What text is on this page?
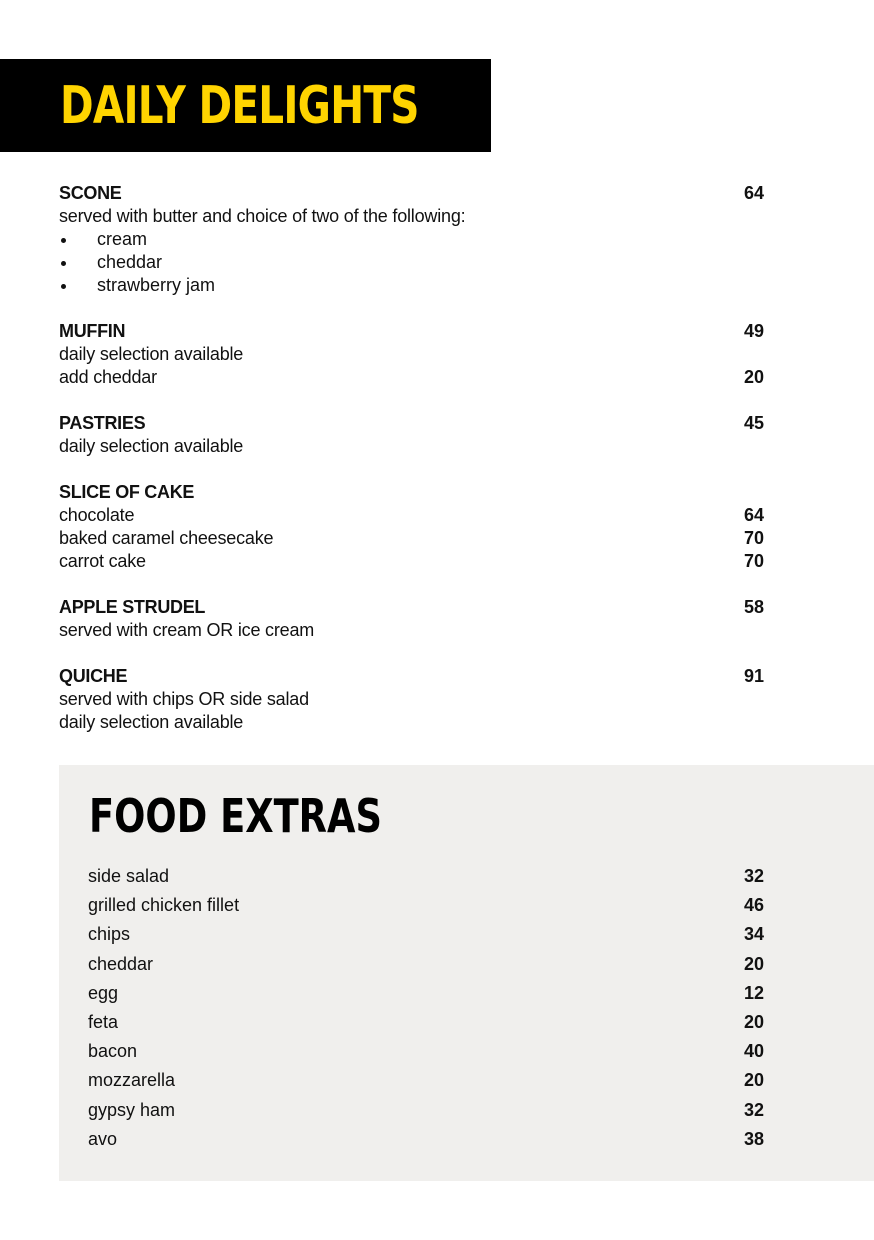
DAILY DELIGHTS
SCONE	64
served with butter and choice of two of the following:
cream
cheddar
strawberry jam
MUFFIN	49
daily selection available
add cheddar	20
PASTRIES	45
daily selection available
SLICE OF CAKE
chocolate	64
baked caramel cheesecake	70
carrot cake	70
APPLE STRUDEL	58
served with cream OR ice cream
QUICHE	91
served with chips OR side salad
daily selection available
FOOD EXTRAS
side salad	32
grilled chicken fillet	46
chips	34
cheddar	20
egg	12
feta	20
bacon	40
mozzarella	20
gypsy ham	32
avo	38
